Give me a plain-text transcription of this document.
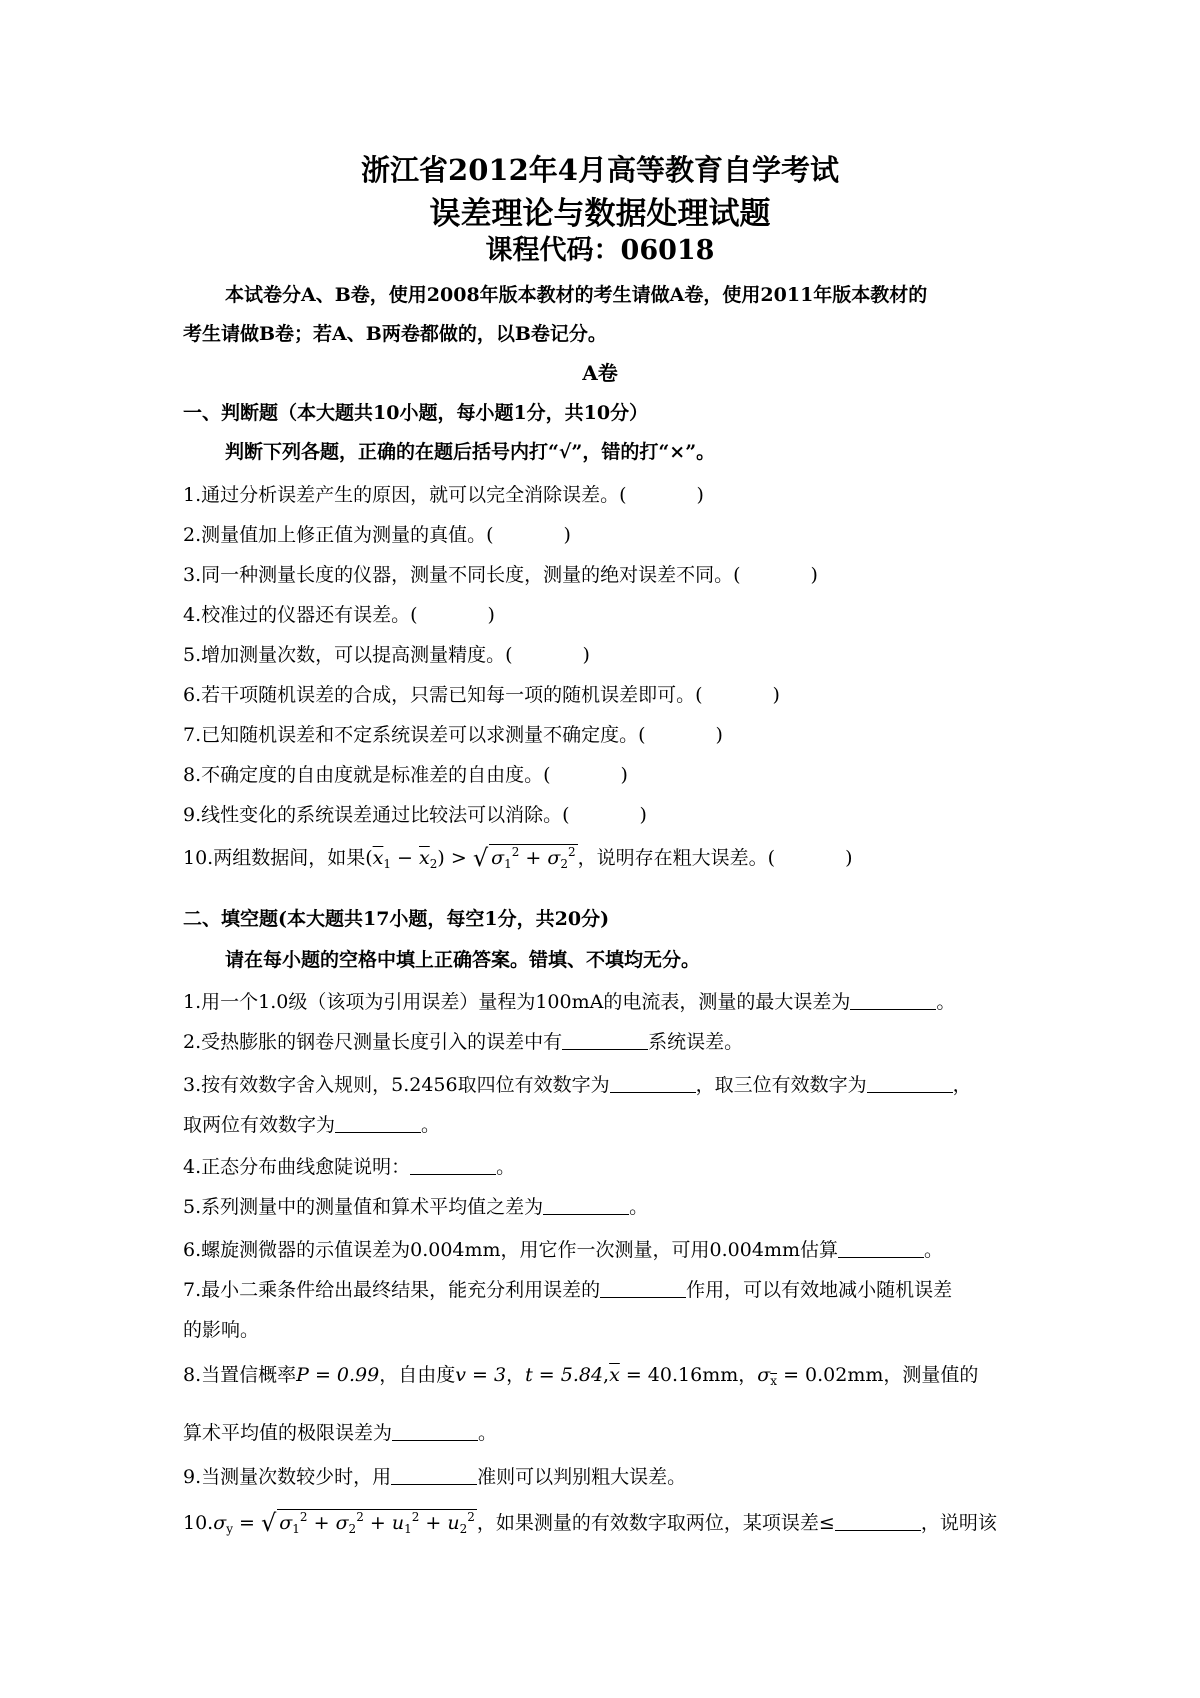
浙江省2012年4月高等教育自学考试
误差理论与数据处理试题
课程代码：06018
本试卷分A、B卷，使用2008年版本教材的考生请做A卷，使用2011年版本教材的
考生请做B卷；若A、B两卷都做的，以B卷记分。
A卷
一、判断题（本大题共10小题，每小题1分，共10分）
判断下列各题，正确的在题后括号内打“√”，错的打“×”。
1.通过分析误差产生的原因，就可以完全消除误差。(	)
2.测量值加上修正值为测量的真值。(	)
3.同一种测量长度的仪器，测量不同长度，测量的绝对误差不同。(	)
4.校准过的仪器还有误差。(	)
5.增加测量次数，可以提高测量精度。(	)
6.若干项随机误差的合成，只需已知每一项的随机误差即可。(	)
7.已知随机误差和不定系统误差可以求测量不确定度。(	)
8.不确定度的自由度就是标准差的自由度。(	)
9.线性变化的系统误差通过比较法可以消除。(	)
10.两组数据间，如果$(\overline{x}_1 - \overline{x}_2)$ > √ $\sigma_1^2 + \sigma_2^2$ ，说明存在粗大误差。(	)
二、填空题(本大题共17小题，每空1分，共20分)
请在每小题的空格中填上正确答案。错填、不填均无分。
1.用一个1.0级（该项为引用误差）量程为100mA的电流表，测量的最大误差为	。
2.受热膨胀的钢卷尺测量长度引入的误差中有	系统误差。
3.按有效数字舍入规则，5.2456取四位有效数字为	，取三位有效数字为	，
取两位有效数字为	。
4.正态分布曲线愈陡说明：	。
5.系列测量中的测量值和算术平均值之差为	。
6.螺旋测微器的示值误差为0.004mm，用它作一次测量，可用0.004mm估算	。
7.最小二乘条件给出最终结果，能充分利用误差的	作用，可以有效地减小随机误差
的影响。
8.当置信概率P = 0.99，自由度v = 3，$t = 5.84,\overline{x} = 40.16mm$，$\sigma_{\overline{x}} = 0.02mm$，测量值的
算术平均值的极限误差为	。
9.当测量次数较少时，用	准则可以判别粗大误差。
$10.\sigma_y$ = √ $\sigma_1^2 + \sigma_2^2 + u_1^2 + u_2^2$ ，如果测量的有效数字取两位，某项误差≤	，说明该
